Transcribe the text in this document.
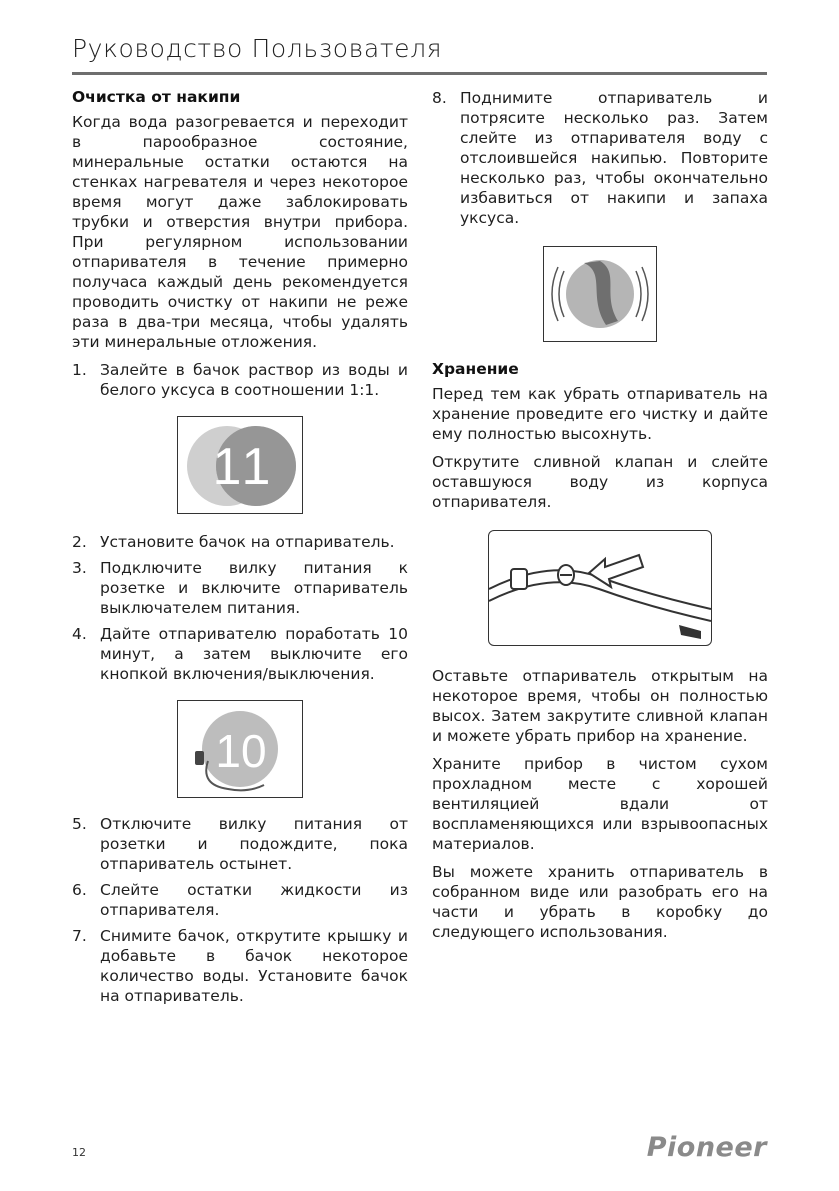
Руководство Пользователя
Очистка от накипи

Когда вода разогревается и переходит в парообразное состояние, минеральные остатки остаются на стенках нагревателя и через некоторое время могут даже заблокировать трубки и отверстия внутри прибора. При регулярном использовании отпаривателя в течение примерно получаса каждый день рекомендуется проводить очистку от накипи не реже раза в два-три месяца, чтобы удалять эти минеральные отложения.

1. Залейте в бачок раствор из воды и белого уксуса в соотношении 1:1.
1 1
2. Установите бачок на отпариватель.
3. Подключите вилку питания к розетке и включите отпариватель выключателем питания.
4. Дайте отпаривателю поработать 10 минут, а затем выключите его кнопкой включения/выключения.
10
5. Отключите вилку питания от розетки и подождите, пока отпариватель остынет.
6. Слейте остатки жидкости из отпаривателя.
7. Снимите бачок, открутите крышку и добавьте в бачок некоторое количество воды. Установите бачок на отпариватель.
8. Поднимите отпариватель и потрясите несколько раз. Затем слейте из отпаривателя воду с отслоившейся накипью. Повторите несколько раз, чтобы окончательно избавиться от накипи и запаха уксуса.
Хранение

Перед тем как убрать отпариватель на хранение проведите его чистку и дайте ему полностью высохнуть.

Открутите сливной клапан и слейте оставшуюся воду из корпуса отпаривателя.

Оставьте отпариватель открытым на некоторое время, чтобы он полностью высох. Затем закрутите сливной клапан и можете убрать прибор на хранение.

Храните прибор в чистом сухом прохладном месте с хорошей вентиляцией вдали от воспламеняющихся или взрывоопасных материалов.

Вы можете хранить отпариватель в собранном виде или разобрать его на части и убрать в коробку до следующего использования.

12	Pioneer
